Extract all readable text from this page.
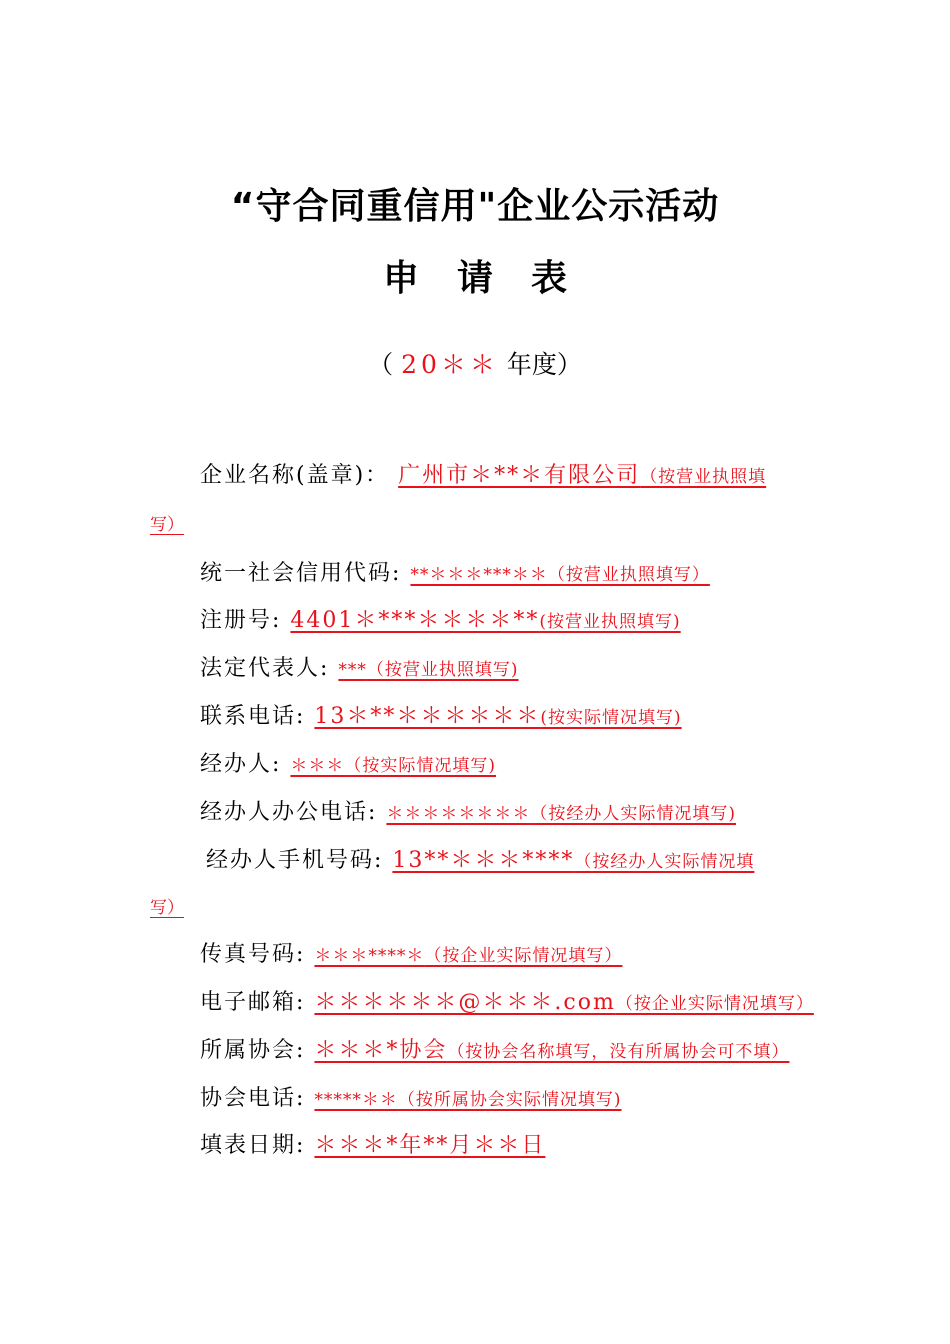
“守合同重信用"企业公示活动
申请表
（ 20＊＊ 年度）
企业名称(盖章)： 广州市＊**＊有限公司（按营业执照填
写）
统一社会信用代码: **＊＊＊***＊＊（按营业执照填写）
注册号: 4401＊***＊＊＊＊**(按营业执照填写)
法定代表人: ***（按营业执照填写)
联系电话: 13＊**＊＊＊＊＊＊(按实际情况填写)
经办人: ＊＊＊（按实际情况填写)
经办人办公电话: ＊＊＊＊＊＊＊＊（按经办人实际情况填写)
经办人手机号码: 13**＊＊＊****（按经办人实际情况填
写）
传真号码: ＊＊＊****＊（按企业实际情况填写）
电子邮箱: ＊＊＊＊＊＊@＊＊＊.com（按企业实际情况填写）
所属协会: ＊＊＊*协会（按协会名称填写，没有所属协会可不填）
协会电话: *****＊＊（按所属协会实际情况填写)
填表日期: ＊＊＊*年**月＊＊日
